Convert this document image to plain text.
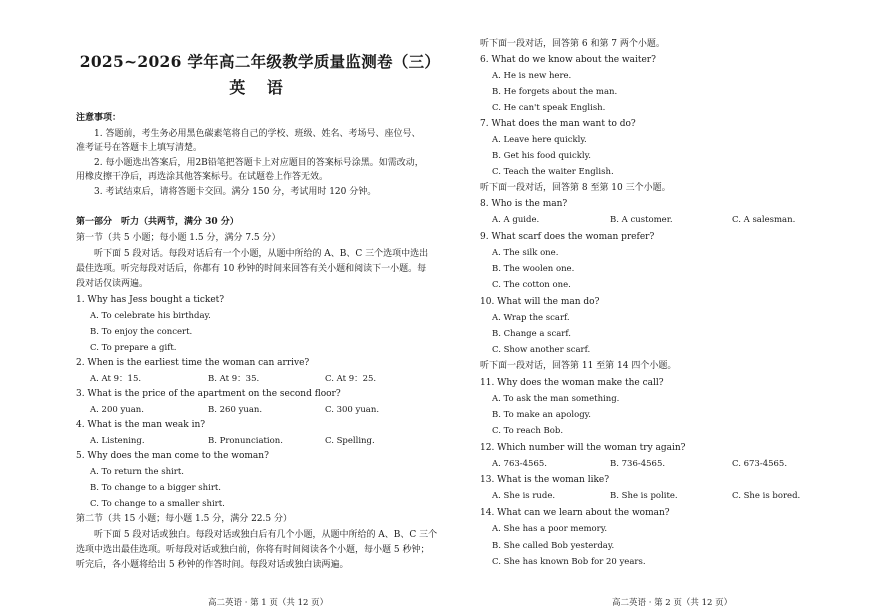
2025~2026 学年高二年级教学质量监测卷（三）
英 语
注意事项：
1. 答题前，考生务必用黑色碳素笔将自己的学校、班级、姓名、考场号、座位号、
准考证号在答题卡上填写清楚。
2. 每小题选出答案后，用2B铅笔把答题卡上对应题目的答案标号涂黑。如需改动，
用橡皮擦干净后，再选涂其他答案标号。在试题卷上作答无效。
3. 考试结束后，请将答题卡交回。满分 150 分，考试用时 120 分钟。
第一部分　听力（共两节，满分 30 分）
第一节（共 5 小题；每小题 1.5 分，满分 7.5 分）
听下面 5 段对话。每段对话后有一个小题，从题中所给的 A、B、C 三个选项中选出
最佳选项。听完每段对话后，你都有 10 秒钟的时间来回答有关小题和阅读下一小题。每
段对话仅读两遍。
1. Why has Jess bought a ticket?
A. To celebrate his birthday.
B. To enjoy the concert.
C. To prepare a gift.
2. When is the earliest time the woman can arrive?
A. At 9：15.	B. At 9：35.	C. At 9：25.
3. What is the price of the apartment on the second floor?
A. 200 yuan.	B. 260 yuan.	C. 300 yuan.
4. What is the man weak in?
A. Listening.	B. Pronunciation.	C. Spelling.
5. Why does the man come to the woman?
A. To return the shirt.
B. To change to a bigger shirt.
C. To change to a smaller shirt.
第二节（共 15 小题；每小题 1.5 分，满分 22.5 分）
听下面 5 段对话或独白。每段对话或独白后有几个小题，从题中所给的 A、B、C 三个
选项中选出最佳选项。听每段对话或独白前，你将有时间阅读各个小题，每小题 5 秒钟；
听完后，各小题将给出 5 秒钟的作答时间。每段对话或独白读两遍。
高二英语 · 第 1 页（共 12 页）
听下面一段对话，回答第 6 和第 7 两个小题。
6. What do we know about the waiter?
A. He is new here.
B. He forgets about the man.
C. He can't speak English.
7. What does the man want to do?
A. Leave here quickly.
B. Get his food quickly.
C. Teach the waiter English.
听下面一段对话，回答第 8 至第 10 三个小题。
8. Who is the man?
A. A guide.	B. A customer.	C. A salesman.
9. What scarf does the woman prefer?
A. The silk one.
B. The woolen one.
C. The cotton one.
10. What will the man do?
A. Wrap the scarf.
B. Change a scarf.
C. Show another scarf.
听下面一段对话，回答第 11 至第 14 四个小题。
11. Why does the woman make the call?
A. To ask the man something.
B. To make an apology.
C. To reach Bob.
12. Which number will the woman try again?
A. 763-4565.	B. 736-4565.	C. 673-4565.
13. What is the woman like?
A. She is rude.	B. She is polite.	C. She is bored.
14. What can we learn about the woman?
A. She has a poor memory.
B. She called Bob yesterday.
C. She has known Bob for 20 years.
高二英语 · 第 2 页（共 12 页）
